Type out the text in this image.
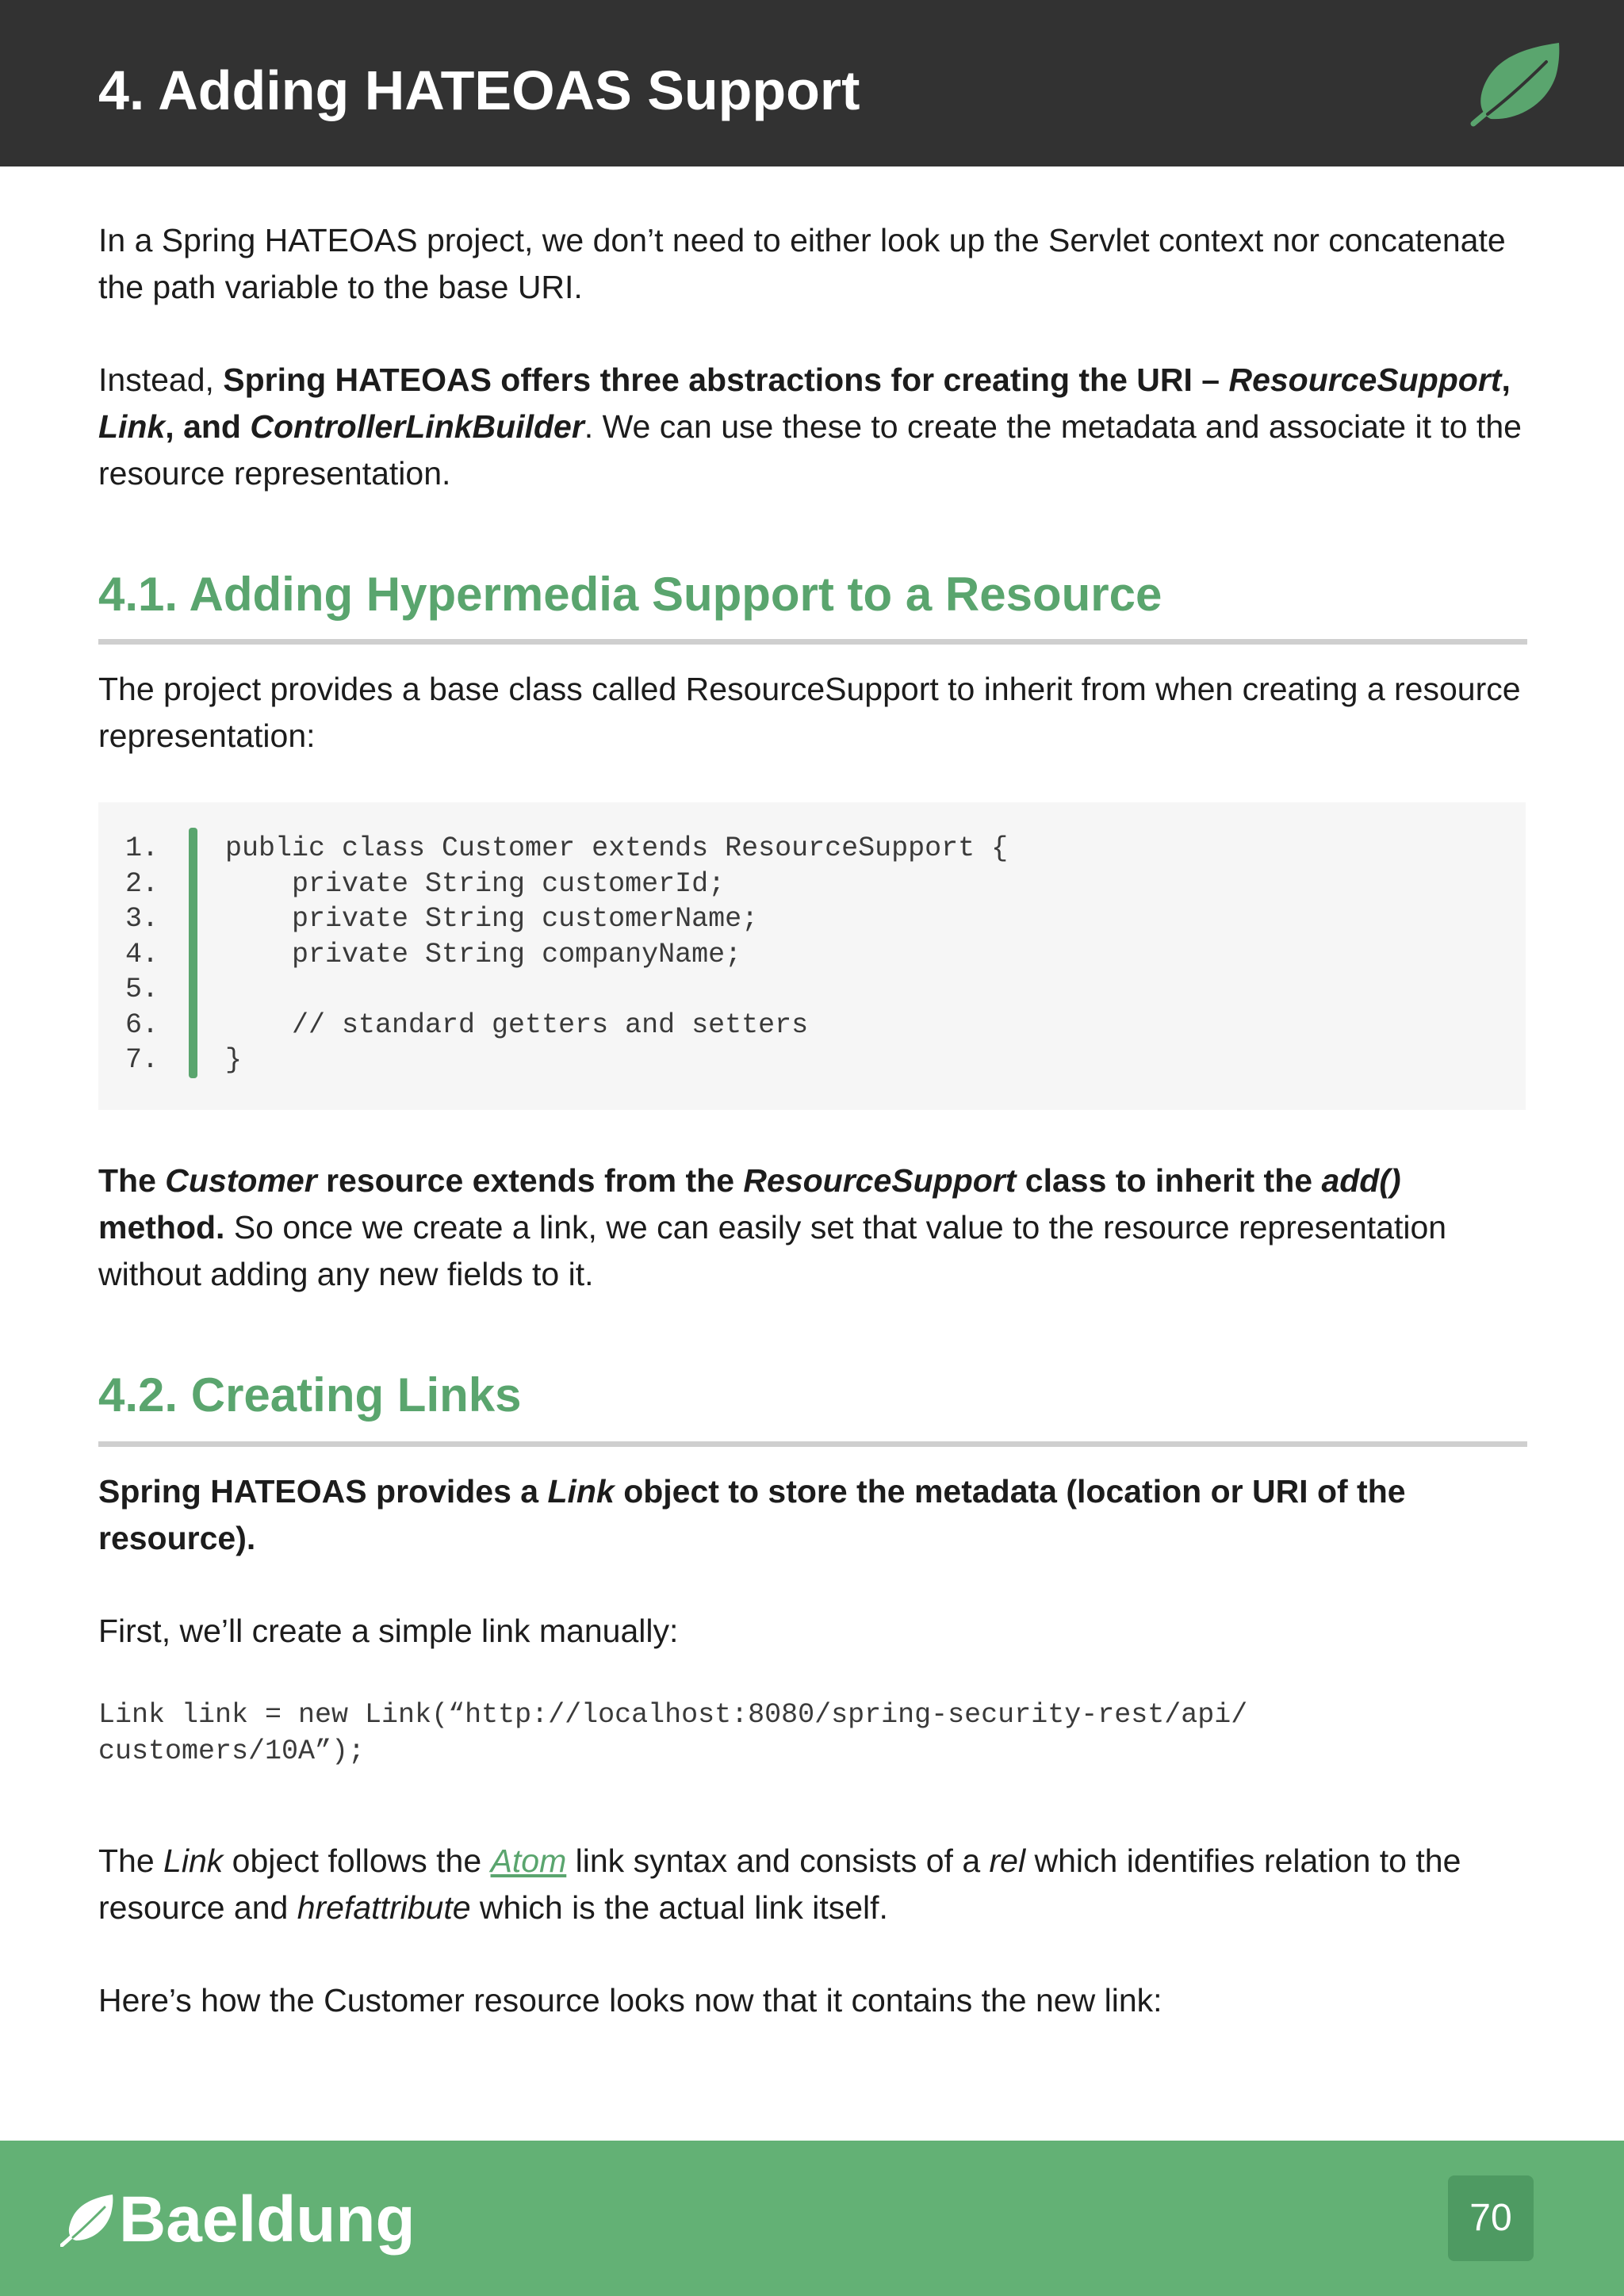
4. Adding HATEOAS Support

In a Spring HATEOAS project, we don’t need to either look up the Servlet context nor concatenate the path variable to the base URI.

Instead, Spring HATEOAS offers three abstractions for creating the URI – ResourceSupport, Link, and ControllerLinkBuilder. We can use these to create the metadata and associate it to the resource representation.

4.1. Adding Hypermedia Support to a Resource

The project provides a base class called ResourceSupport to inherit from when creating a resource representation:

1.	public class Customer extends ResourceSupport {
2.	private String customerId;
3.	private String customerName;
4.	private String companyName;
5.
6.	// standard getters and setters
7.	}

The Customer resource extends from the ResourceSupport class to inherit the add() method. So once we create a link, we can easily set that value to the resource representation without adding any new fields to it.

4.2. Creating Links

Spring HATEOAS provides a Link object to store the metadata (location or URI of the resource).

First, we’ll create a simple link manually:

Link link = new Link(“http://localhost:8080/spring-security-rest/api/
customers/10A”);

The Link object follows the Atom link syntax and consists of a rel which identifies relation to the resource and hrefattribute which is the actual link itself.

Here’s how the Customer resource looks now that it contains the new link:

Baeldung	70
